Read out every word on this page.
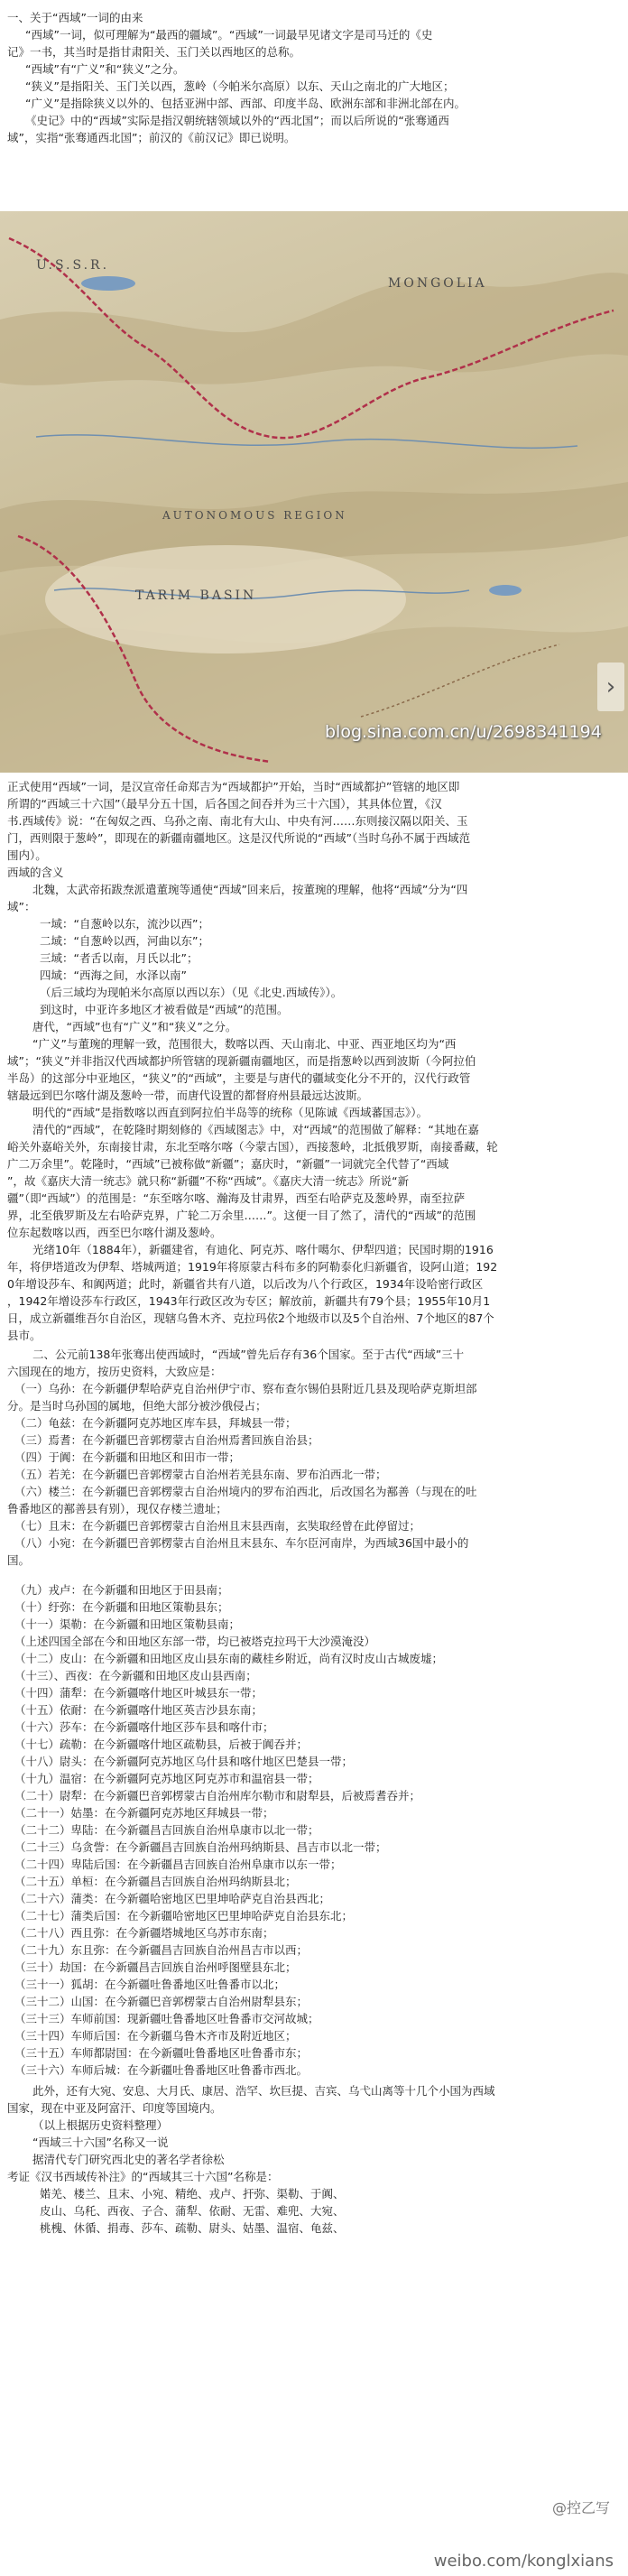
一、关于“西域”一词的由来
“西域”一词，似可理解为“最西的疆域”。“西域”一词最早见诸文字是司马迁的《史
记》一书，其当时是指甘肃阳关、玉门关以西地区的总称。
“西域”有“广义”和“狭义”之分。
“狭义”是指阳关、玉门关以西，葱岭（今帕米尔高原）以东、天山之南北的广大地区；
“广义”是指除狭义以外的、包括亚洲中部、西部、印度半岛、欧洲东部和非洲北部在内。
《史记》中的“西域”实际是指汉朝统辖领域以外的“西北国”；而以后所说的“张骞通西
域”，实指“张骞通西北国”；前汉的《前汉记》即已说明。
U.S.S.R.
MONGOLIA
AUTONOMOUS REGION
TARIM BASIN
blog.sina.com.cn/u/2698341194
›
正式使用“西域”一词，是汉宣帝任命郑吉为“西域都护”开始，当时“西域都护”管辖的地区即
所谓的“西域三十六国”（最早分五十国，后各国之间吞并为三十六国），其具体位置，《汉
书.西域传》说：“在匈奴之西、乌孙之南、南北有大山、中央有河……东则接汉隔以阳关、玉
门，西则限于葱岭”，即现在的新疆南疆地区。这是汉代所说的“西域”（当时乌孙不属于西域范
围内）。
西域的含义
北魏，太武帝拓跋焘派遣董琬等通使“西域”回来后，按董琬的理解，他将“西域”分为“四
域”：
一域：“自葱岭以东，流沙以西”；
二域：“自葱岭以西，河曲以东”；
三域：“者舌以南，月氏以北”；
四域：“西海之间，水泽以南”
（后三域均为现帕米尔高原以西以东）（见《北史.西域传》）。
到这时，中亚许多地区才被看做是“西域”的范围。
唐代，“西域”也有“广义”和“狭义”之分。
“广义”与董琬的理解一致，范围很大，数喀以西、天山南北、中亚、西亚地区均为“西
域”；“狭义”并非指汉代西域都护所管辖的现新疆南疆地区，而是指葱岭以西到波斯（今阿拉伯
半岛）的这部分中亚地区，“狭义”的“西域”，主要是与唐代的疆域变化分不开的，汉代行政管
辖最远到巴尔喀什湖及葱岭一带，而唐代设置的都督府州县最远达波斯。
明代的“西域”是指数喀以西直到阿拉伯半岛等的统称（见陈诚《西域蕃国志》）。
清代的“西域”，在乾隆时期刻修的《西域图志》中，对“西域”的范围做了解释：“其地在嘉
峪关外嘉峪关外，东南接甘肃，东北至喀尔喀（今蒙古国），西接葱岭，北抵俄罗斯，南接番藏，轮
广二万余里”。乾隆时，“西域”已被称做“新疆”；嘉庆时，“新疆”一词就完全代替了“西域
”，故《嘉庆大清一统志》就只称“新疆”不称“西域”。《嘉庆大清一统志》所说“新
疆”（即“西域”）的范围是：“东至喀尔喀、瀚海及甘肃界，西至右哈萨克及葱岭界，南至拉萨
界，北至俄罗斯及左右哈萨克界，广轮二万余里……”。这便一目了然了，清代的“西域”的范围
位东起数喀以西，西至巴尔喀什湖及葱岭。
光绪10年（1884年），新疆建省，有迪化、阿克苏、喀什噶尔、伊犁四道；民国时期的1916
年，将伊塔道改为伊犁、塔城两道；1919年将原蒙古科布多的阿勒泰化归新疆省，设阿山道；192
0年增设莎车、和阗两道；此时，新疆省共有八道，以后改为八个行政区，1934年设哈密行政区
，1942年增设莎车行政区，1943年行政区改为专区；解放前，新疆共有79个县；1955年10月1
日，成立新疆维吾尔自治区，现辖乌鲁木齐、克拉玛依2个地级市以及5个自治州、7个地区的87个
县市。
二、公元前138年张骞出使西域时，“西域”曾先后存有36个国家。至于古代“西域”三十
六国现在的地方，按历史资料，大致应是：
（一）乌孙：在今新疆伊犁哈萨克自治州伊宁市、察布查尔锡伯县附近几县及现哈萨克斯坦部
分。是当时乌孙国的属地，但绝大部分被沙俄侵占；
（二）龟兹：在今新疆阿克苏地区库车县，拜城县一带；
（三）焉耆：在今新疆巴音郭楞蒙古自治州焉耆回族自治县；
（四）于阗：在今新疆和田地区和田市一带；
（五）若羌：在今新疆巴音郭楞蒙古自治州若羌县东南、罗布泊西北一带；
（六）楼兰：在今新疆巴音郭楞蒙古自治州境内的罗布泊西北，后改国名为鄯善（与现在的吐
鲁番地区的鄯善县有别），现仅存楼兰遗址；
（七）且末：在今新疆巴音郭楞蒙古自治州且末县西南，玄奘取经曾在此停留过；
（八）小宛：在今新疆巴音郭楞蒙古自治州且末县东、车尔臣河南岸，为西域36国中最小的
国。
（九）戎卢：在今新疆和田地区于田县南；
（十）纡弥：在今新疆和田地区策勒县东；
（十一）渠勒：在今新疆和田地区策勒县南；
（上述四国全部在今和田地区东部一带，均已被塔克拉玛干大沙漠淹没）
（十二）皮山：在今新疆和田地区皮山县东南的藏桂乡附近，尚有汉时皮山古城废墟；
（十三）、西夜：在今新疆和田地区皮山县西南；
（十四）蒲犁：在今新疆喀什地区叶城县东一带；
（十五）依耐：在今新疆喀什地区英吉沙县东南；
（十六）莎车：在今新疆喀什地区莎车县和喀什市；
（十七）疏勒：在今新疆喀什地区疏勒县，后被于阗吞并；
（十八）尉头：在今新疆阿克苏地区乌什县和喀什地区巴楚县一带；
（十九）温宿：在今新疆阿克苏地区阿克苏市和温宿县一带；
（二十）尉犁：在今新疆巴音郭楞蒙古自治州库尔勒市和尉犁县，后被焉耆吞并；
（二十一）姑墨：在今新疆阿克苏地区拜城县一带；
（二十二）卑陆：在今新疆昌吉回族自治州阜康市以北一带；
（二十三）乌贪訾：在今新疆昌吉回族自治州玛纳斯县、昌吉市以北一带；
（二十四）卑陆后国：在今新疆昌吉回族自治州阜康市以东一带；
（二十五）单桓：在今新疆昌吉回族自治州玛纳斯县北；
（二十六）蒲类：在今新疆哈密地区巴里坤哈萨克自治县西北；
（二十七）蒲类后国：在今新疆哈密地区巴里坤哈萨克自治县东北；
（二十八）西且弥：在今新疆塔城地区乌苏市东南；
（二十九）东且弥：在今新疆昌吉回族自治州昌吉市以西；
（三十）劫国：在今新疆昌吉回族自治州呼图壁县东北；
（三十一）狐胡：在今新疆吐鲁番地区吐鲁番市以北；
（三十二）山国：在今新疆巴音郭楞蒙古自治州尉犁县东；
（三十三）车师前国：现新疆吐鲁番地区吐鲁番市交河故城；
（三十四）车师后国：在今新疆乌鲁木齐市及附近地区；
（三十五）车师都尉国：在今新疆吐鲁番地区吐鲁番市东；
（三十六）车师后城：在今新疆吐鲁番地区吐鲁番市西北。
此外，还有大宛、安息、大月氏、康居、浩罕、坎巨提、吉宾、乌弋山离等十几个小国为西域
国家，现在中亚及阿富汗、印度等国境内。
（以上根据历史资料整理）
“西域三十六国”名称又一说
据清代专门研究西北史的著名学者徐松
考证《汉书西域传补注》的“西域其三十六国”名称是：
婼羌、楼兰、且末、小宛、精绝、戎卢、扞弥、渠勒、于阗、
皮山、乌秅、西夜、子合、蒲犁、依耐、无雷、难兜、大宛、
桃槐、休循、捐毒、莎车、疏勒、尉头、姑墨、温宿、龟兹、
@控乙写
weibo.com/konglxians
